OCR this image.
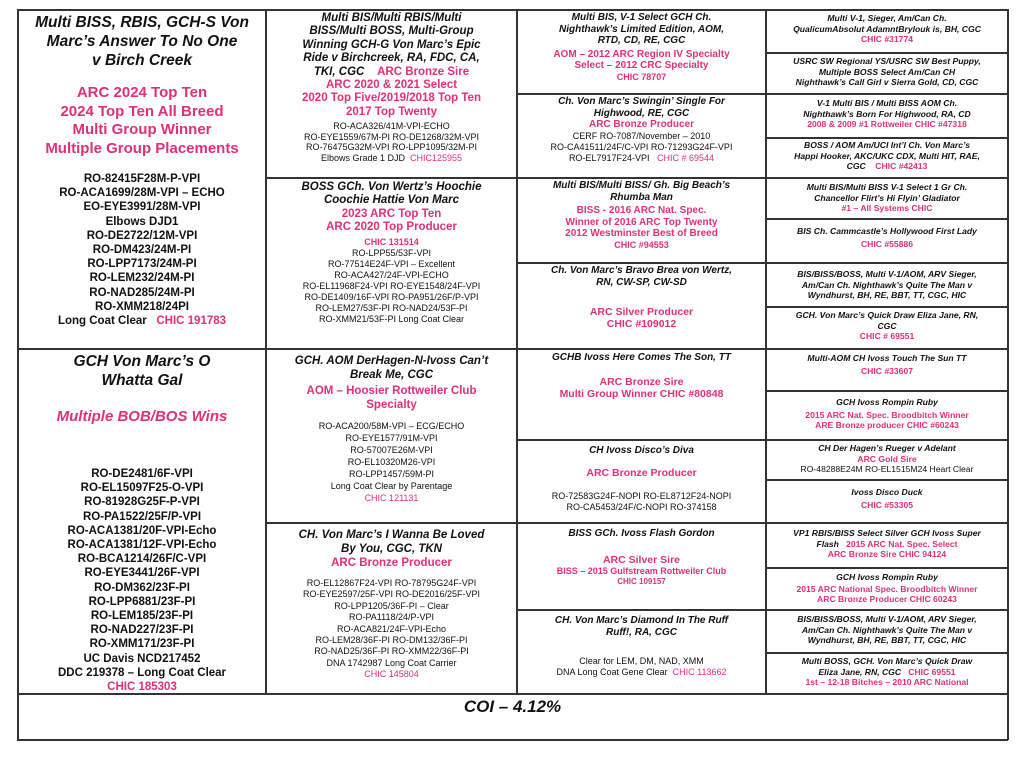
Multi BISS, RBIS, GCH-S Von
Marc’s Answer To No One
v Birch Creek
ARC 2024 Top Ten
2024 Top Ten All Breed
Multi Group Winner
Multiple Group Placements
RO-82415F28M-P-VPI
RO-ACA1699/28M-VPI – ECHO
EO-EYE3991/28M-VPI
Elbows DJD1
RO-DE2722/12M-VPI
RO-DM423/24M-PI
RO-LPP7173/24M-PI
RO-LEM232/24M-PI
RO-NAD285/24M-PI
RO-XMM218/24PI
Long Coat Clear CHIC 191783
GCH Von Marc’s O
Whatta Gal
Multiple BOB/BOS Wins
RO-DE2481/6F-VPI
RO-EL15097F25-O-VPI
RO-81928G25F-P-VPI
RO-PA1522/25F/P-VPI
RO-ACA1381/20F-VPI-Echo
RO-ACA1381/12F-VPI-Echo
RO-BCA1214/26F/C-VPI
RO-EYE3441/26F-VPI
RO-DM362/23F-PI
RO-LPP6881/23F-PI
RO-LEM185/23F-PI
RO-NAD227/23F-PI
RO-XMM171/23F-PI
UC Davis NCD217452
DDC 219378 – Long Coat Clear
CHIC 185303
Multi BIS/Multi RBIS/Multi
BISS/Multi BOSS, Multi-Group
Winning GCH-G Von Marc’s Epic
Ride v Birchcreek, RA, FDC, CA,
TKI, CGC ARC Bronze Sire
ARC 2020 & 2021 Select
2020 Top Five/2019/2018 Top Ten
2017 Top Twenty
RO-ACA326/41M-VPI-ECHO
RO-EYE1559/67M-PI RO-DE1268/32M-VPI
RO-76475G32M-VPI RO-LPP1095/32M-PI
Elbows Grade 1 DJD CHIC125955
BOSS GCh. Von Wertz’s Hoochie
Coochie Hattie Von Marc
2023 ARC Top Ten
ARC 2020 Top Producer
CHIC 131514
RO-LPP55/53F-VPI
RO-77514E24F-VPI – Excellent
RO-ACA427/24F-VPI-ECHO
RO-EL11968F24-VPI RO-EYE1548/24F-VPI
RO-DE1409/16F-VPI RO-PA951/26F/P-VPI
RO-LEM27/53F-PI RO-NAD24/53F-PI
RO-XMM21/53F-PI Long Coat Clear
GCH. AOM DerHagen-N-Ivoss Can’t
Break Me, CGC
AOM – Hoosier Rottweiler Club
Specialty
RO-ACA200/58M-VPI – ECG/ECHO
RO-EYE1577/91M-VPI
RO-57007E26M-VPI
RO-EL10320M26-VPI
RO-LPP1457/59M-PI
Long Coat Clear by Parentage
CHIC 121131
CH. Von Marc’s I Wanna Be Loved
By You, CGC, TKN
ARC Bronze Producer
RO-EL12867F24-VPI RO-78795G24F-VPI
RO-EYE2597/25F-VPI RO-DE2016/25F-VPI
RO-LPP1205/36F-PI – Clear
RO-PA1118/24/P-VPI
RO-ACA821/24F-VPI-Echo
RO-LEM28/36F-PI RO-DM132/36F-PI
RO-NAD25/36F-PI RO-XMM22/36F-PI
DNA 1742987 Long Coat Carrier
CHIC 145804
Multi BIS, V-1 Select GCH Ch.
Nighthawk’s Limited Edition, AOM,
RTD, CD, RE, CGC
AOM – 2012 ARC Region IV Specialty
Select – 2012 CRC Specialty
CHIC 78707
Ch. Von Marc’s Swingin’ Single For
Highwood, RE, CGC
ARC Bronze Producer
CERF RO-7087/November – 2010
RO-CA41511/24F/C-VPI RO-71293G24F-VPI
RO-EL7917F24-VPI CHIC # 69544
Multi BIS/Multi BISS/ Gh. Big Beach’s
Rhumba Man
BISS - 2016 ARC Nat. Spec.
Winner of 2016 ARC Top Twenty
2012 Westminster Best of Breed
CHIC #94553
Ch. Von Marc’s Bravo Brea von Wertz,
RN, CW-SP, CW-SD
ARC Silver Producer
CHIC #109012
GCHB Ivoss Here Comes The Son, TT
ARC Bronze Sire
Multi Group Winner CHIC #80848
CH Ivoss Disco’s Diva
ARC Bronze Producer
RO-72583G24F-NOPI RO-EL8712F24-NOPI
RO-CA5453/24F/C-NOPI RO-374158
BISS GCh. Ivoss Flash Gordon
ARC Silver Sire
BISS – 2015 Gulfstream Rottweiler Club
CHIC 109157
CH. Von Marc’s Diamond In The Ruff
Ruff!, RA, CGC
Clear for LEM, DM, NAD, XMM
DNA Long Coat Gene Clear CHIC 113662
Multi V-1, Sieger, Am/Can Ch.
QualicumAbsolut AdamntBrylouk is, BH, CGC
CHIC #31774
USRC SW Regional YS/USRC SW Best Puppy,
Multiple BOSS Select Am/Can CH
Nighthawk’s Call Girl v Sierra Gold, CD, CGC
V-1 Multi BIS / Multi BISS AOM Ch.
Nighthawk’s Born For Highwood, RA, CD
2008 & 2009 #1 Rottweiler CHIC #47318
BOSS / AOM Am/UCI Int’l Ch. Von Marc’s
Happi Hooker, AKC/UKC CDX, Multi HIT, RAE,
CGC CHIC #42413
Multi BIS/Multi BISS V-1 Select 1 Gr Ch.
Chancellor Flirt’s Hi Flyin’ Gladiator
#1 – All Systems CHIC
BIS Ch. Cammcastle’s Hollywood First Lady
CHIC #55886
BIS/BISS/BOSS, Multi V-1/AOM, ARV Sieger,
Am/Can Ch. Nighthawk’s Quite The Man v
Wyndhurst, BH, RE, BBT, TT, CGC, HIC
GCH. Von Marc’s Quick Draw Eliza Jane, RN,
CGC
CHIC # 69551
Multi-AOM CH Ivoss Touch The Sun TT
CHIC #33607
GCH Ivoss Rompin Ruby
2015 ARC Nat. Spec. Broodbitch Winner
ARE Bronze producer CHIC #60243
CH Der Hagen’s Rueger v Adelant
ARC Gold Sire
RO-48288E24M RO-EL1515M24 Heart Clear
Ivoss Disco Duck
CHIC #53305
VP1 RBIS/BISS Select Silver GCH Ivoss Super
Flash 2015 ARC Nat. Spec. Select
ARC Bronze Sire CHIC 94124
GCH Ivoss Rompin Ruby
2015 ARC National Spec. Broodbitch Winner
ARC Bronze Producer CHIC 60243
BIS/BISS/BOSS, Multi V-1/AOM, ARV Sieger,
Am/Can Ch. Nighthawk’s Quite The Man v
Wyndhurst, BH, RE, BBT, TT, CGC, HIC
Multi BOSS, GCH. Von Marc’s Quick Draw
Eliza Jane, RN, CGC CHIC 69551
1st – 12-18 Bitches – 2010 ARC National
COI – 4.12%
